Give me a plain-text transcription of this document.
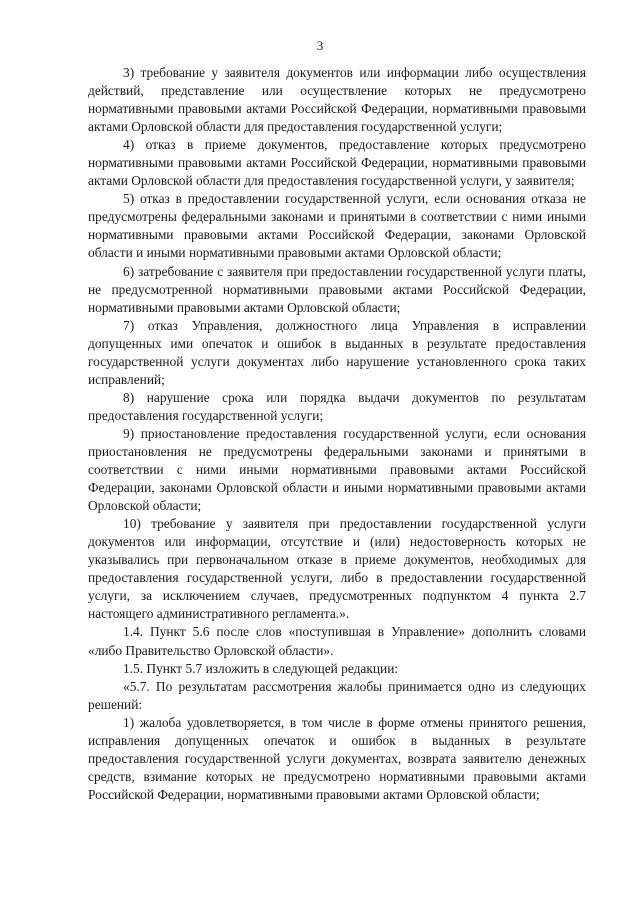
3

3) требование у заявителя документов или информации либо осуществления действий, представление или осуществление которых не предусмотрено нормативными правовыми актами Российской Федерации, нормативными правовыми актами Орловской области для предоставления государственной услуги;

4) отказ в приеме документов, предоставление которых предусмотрено нормативными правовыми актами Российской Федерации, нормативными правовыми актами Орловской области для предоставления государственной услуги, у заявителя;

5) отказ в предоставлении государственной услуги, если основания отказа не предусмотрены федеральными законами и принятыми в соответствии с ними иными нормативными правовыми актами Российской Федерации, законами Орловской области и иными нормативными правовыми актами Орловской области;

6) затребование с заявителя при предоставлении государственной услуги платы, не предусмотренной нормативными правовыми актами Российской Федерации, нормативными правовыми актами Орловской области;

7) отказ Управления, должностного лица Управления в исправлении допущенных ими опечаток и ошибок в выданных в результате предоставления государственной услуги документах либо нарушение установленного срока таких исправлений;

8) нарушение срока или порядка выдачи документов по результатам предоставления государственной услуги;

9) приостановление предоставления государственной услуги, если основания приостановления не предусмотрены федеральными законами и принятыми в соответствии с ними иными нормативными правовыми актами Российской Федерации, законами Орловской области и иными нормативными правовыми актами Орловской области;

10) требование у заявителя при предоставлении государственной услуги документов или информации, отсутствие и (или) недостоверность которых не указывались при первоначальном отказе в приеме документов, необходимых для предоставления государственной услуги, либо в предоставлении государственной услуги, за исключением случаев, предусмотренных подпунктом 4 пункта 2.7 настоящего административного регламента.».

1.4. Пункт 5.6 после слов «поступившая в Управление» дополнить словами «либо Правительство Орловской области».

1.5. Пункт 5.7 изложить в следующей редакции:

«5.7. По результатам рассмотрения жалобы принимается одно из следующих решений:

1) жалоба удовлетворяется, в том числе в форме отмены принятого решения, исправления допущенных опечаток и ошибок в выданных в результате предоставления государственной услуги документах, возврата заявителю денежных средств, взимание которых не предусмотрено нормативными правовыми актами Российской Федерации, нормативными правовыми актами Орловской области;
